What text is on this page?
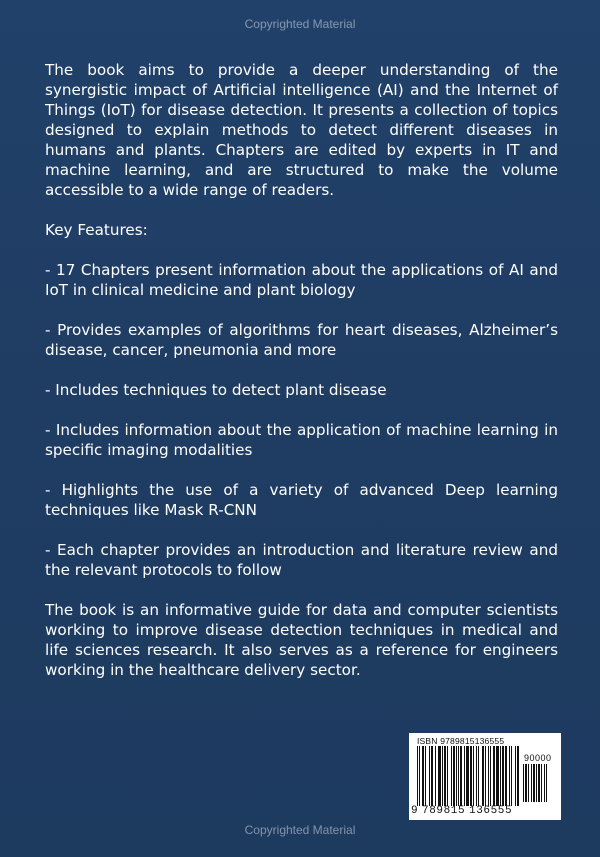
Copyrighted Material

The book aims to provide a deeper understanding of the synergistic impact of Artificial intelligence (AI) and the Internet of Things (IoT) for disease detection. It presents a collection of topics designed to explain methods to detect different diseases in humans and plants. Chapters are edited by experts in IT and machine learning, and are structured to make the volume accessible to a wide range of readers.

Key Features:

- 17 Chapters present information about the applications of AI and IoT in clinical medicine and plant biology

- Provides examples of algorithms for heart diseases, Alzheimer’s disease, cancer, pneumonia and more

- Includes techniques to detect plant disease

- Includes information about the application of machine learning in specific imaging modalities

- Highlights the use of a variety of advanced Deep learning techniques like Mask R-CNN

- Each chapter provides an introduction and literature review and the relevant protocols to follow

The book is an informative guide for data and computer scientists working to improve disease detection techniques in medical and life sciences research. It also serves as a reference for engineers working in the healthcare delivery sector.

ISBN 9789815136555
90000
9 789815 136555
Copyrighted Material
